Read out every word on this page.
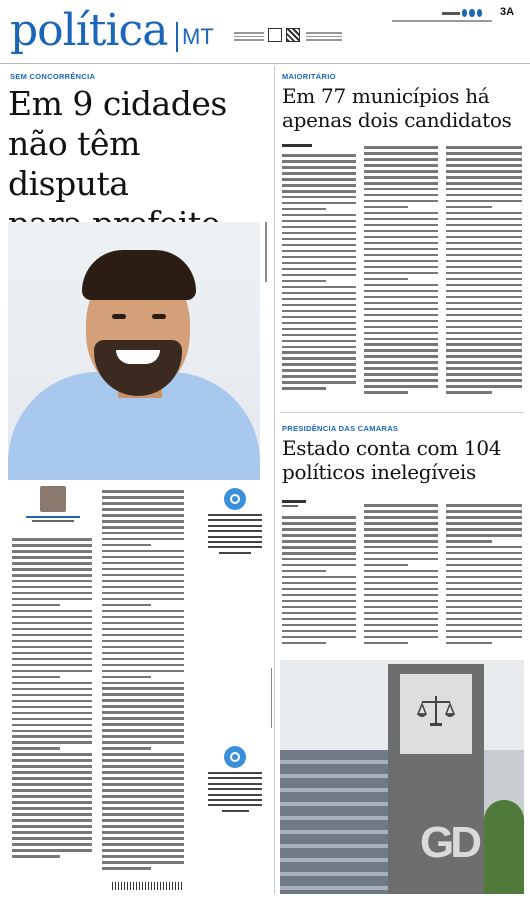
política MT
3A
SEM CONCORRÊNCIA
Em 9 cidades
não têm disputa
MAIORITÁRIO
Em 77 municípios há
apenas dois candidatos
PRESIDÊNCIA DAS CAMARAS
Estado conta com 104
políticos inelegíveis
GD
